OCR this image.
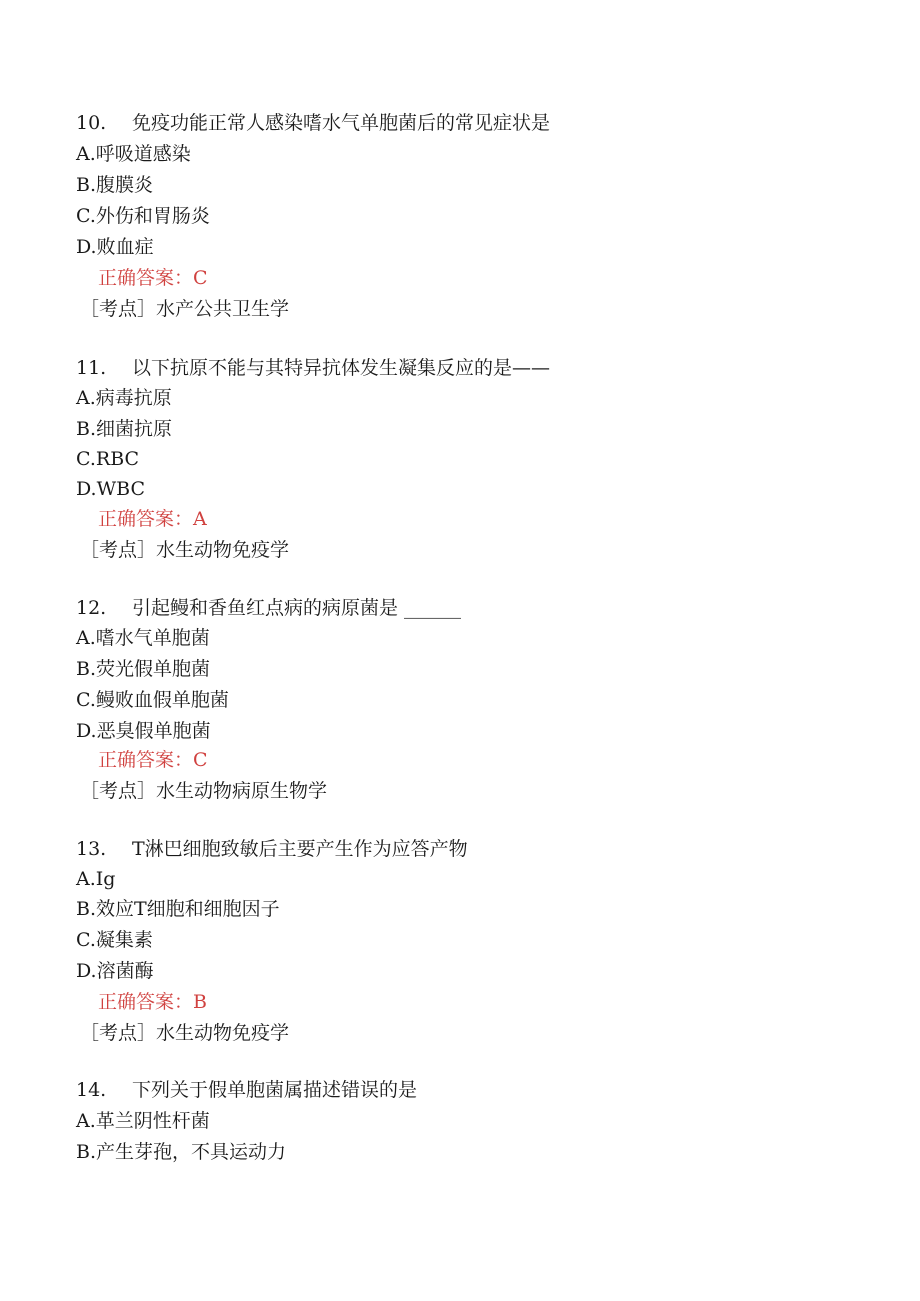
10. 免疫功能正常人感染嗜水气单胞菌后的常见症状是
A.呼吸道感染
B.腹膜炎
C.外伤和胃肠炎
D.败血症
正确答案：C
［考点］水产公共卫生学
11. 以下抗原不能与其特异抗体发生凝集反应的是——
A.病毒抗原
B.细菌抗原
C.RBC
D.WBC
正确答案：A
［考点］水生动物免疫学
12. 引起鳗和香鱼红点病的病原菌是 ______
A.嗜水气单胞菌
B.荧光假单胞菌
C.鳗败血假单胞菌
D.恶臭假单胞菌
正确答案：C
［考点］水生动物病原生物学
13. T淋巴细胞致敏后主要产生作为应答产物
A.Ig
B.效应T细胞和细胞因子
C.凝集素
D.溶菌酶
正确答案：B
［考点］水生动物免疫学
14. 下列关于假单胞菌属描述错误的是
A.革兰阴性杆菌
B.产生芽孢，不具运动力
